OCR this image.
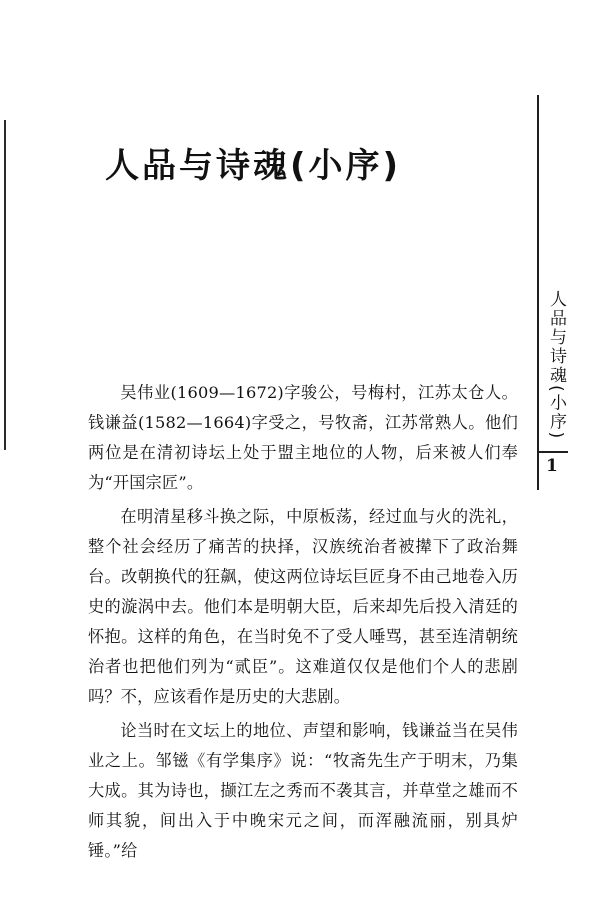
人品与诗魂(小序)
人品与诗魂(小序)
1

吴伟业(1609—1672)字骏公，号梅村，江苏太仓人。钱谦益(1582—1664)字受之，号牧斋，江苏常熟人。他们两位是在清初诗坛上处于盟主地位的人物，后来被人们奉为“开国宗匠”。

在明清星移斗换之际，中原板荡，经过血与火的洗礼，整个社会经历了痛苦的抉择，汉族统治者被撵下了政治舞台。改朝换代的狂飙，使这两位诗坛巨匠身不由己地卷入历史的漩涡中去。他们本是明朝大臣，后来却先后投入清廷的怀抱。这样的角色，在当时免不了受人唾骂，甚至连清朝统治者也把他们列为“贰臣”。这难道仅仅是他们个人的悲剧吗？不，应该看作是历史的大悲剧。

论当时在文坛上的地位、声望和影响，钱谦益当在吴伟业之上。邹镃《有学集序》说：“牧斋先生产于明末，乃集大成。其为诗也，撷江左之秀而不袭其言，并草堂之雄而不师其貌，间出入于中晚宋元之间，而浑融流丽，别具炉锤。”给
